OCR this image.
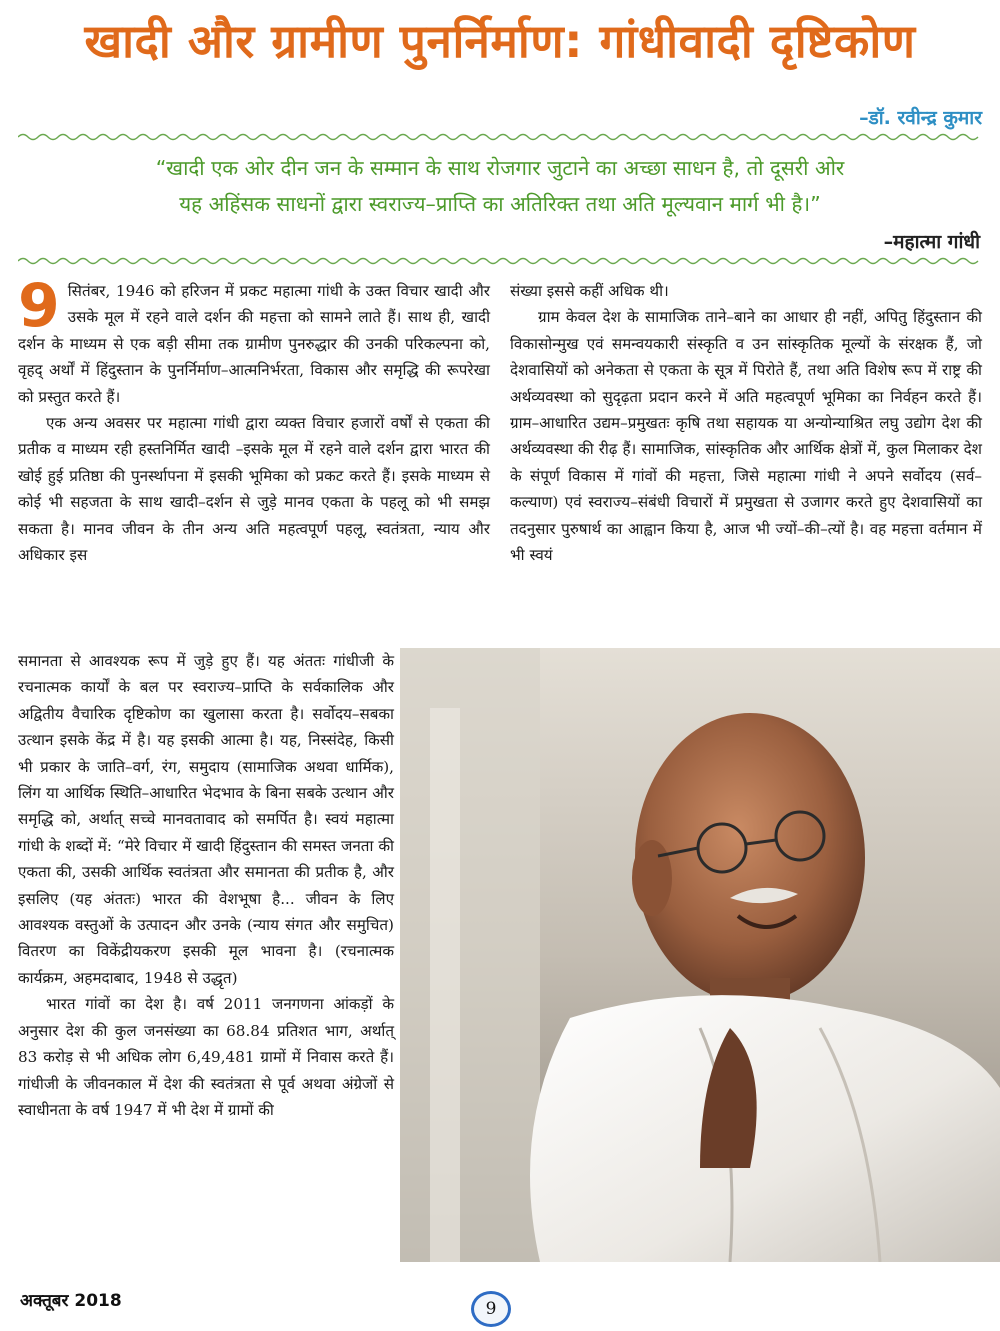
खादी और ग्रामीण पुनर्निर्माण: गांधीवादी दृष्टिकोण
–डॉ. रवीन्द्र कुमार
“खादी एक ओर दीन जन के सम्मान के साथ रोजगार जुटाने का अच्छा साधन है, तो दूसरी ओर
यह अहिंसक साधनों द्वारा स्वराज्य–प्राप्ति का अतिरिक्त तथा अति मूल्यवान मार्ग भी है।”
–महात्मा गांधी

9 सितंबर, 1946 को हरिजन में प्रकट महात्मा गांधी के उक्त विचार खादी और उसके मूल में रहने वाले दर्शन की महत्ता को सामने लाते हैं। साथ ही, खादी दर्शन के माध्यम से एक बड़ी सीमा तक ग्रामीण पुनरुद्धार की उनकी परिकल्पना को, वृहद् अर्थों में हिंदुस्तान के पुनर्निर्माण–आत्मनिर्भरता, विकास और समृद्धि की रूपरेखा को प्रस्तुत करते हैं।

एक अन्य अवसर पर महात्मा गांधी द्वारा व्यक्त विचार हजारों वर्षों से एकता की प्रतीक व माध्यम रही हस्तनिर्मित खादी –इसके मूल में रहने वाले दर्शन द्वारा भारत की खोई हुई प्रतिष्ठा की पुनर्स्थापना में इसकी भूमिका को प्रकट करते हैं। इसके माध्यम से कोई भी सहजता के साथ खादी–दर्शन से जुड़े मानव एकता के पहलू को भी समझ सकता है। मानव जीवन के तीन अन्य अति महत्वपूर्ण पहलू, स्वतंत्रता, न्याय और अधिकार इस

समानता से आवश्यक रूप में जुड़े हुए हैं। यह अंततः गांधीजी के रचनात्मक कार्यों के बल पर स्वराज्य–प्राप्ति के सर्वकालिक और अद्वितीय वैचारिक दृष्टिकोण का खुलासा करता है। सर्वोदय–सबका उत्थान इसके केंद्र में है। यह इसकी आत्मा है। यह, निस्संदेह, किसी भी प्रकार के जाति–वर्ग, रंग, समुदाय (सामाजिक अथवा धार्मिक), लिंग या आर्थिक स्थिति–आधारित भेदभाव के बिना सबके उत्थान और समृद्धि को, अर्थात् सच्चे मानवतावाद को समर्पित है। स्वयं महात्मा गांधी के शब्दों में: “मेरे विचार में खादी हिंदुस्तान की समस्त जनता की एकता की, उसकी आर्थिक स्वतंत्रता और समानता की प्रतीक है, और इसलिए (यह अंततः) भारत की वेशभूषा है... जीवन के लिए आवश्यक वस्तुओं के उत्पादन और उनके (न्याय संगत और समुचित) वितरण का विकेंद्रीयकरण इसकी मूल भावना है। (रचनात्मक कार्यक्रम, अहमदाबाद, 1948 से उद्धृत)

भारत गांवों का देश है। वर्ष 2011 जनगणना आंकड़ों के अनुसार देश की कुल जनसंख्या का 68.84 प्रतिशत भाग, अर्थात् 83 करोड़ से भी अधिक लोग 6,49,481 ग्रामों में निवास करते हैं। गांधीजी के जीवनकाल में देश की स्वतंत्रता से पूर्व अथवा अंग्रेजों से स्वाधीनता के वर्ष 1947 में भी देश में ग्रामों की

संख्या इससे कहीं अधिक थी।

ग्राम केवल देश के सामाजिक ताने–बाने का आधार ही नहीं, अपितु हिंदुस्तान की विकासोन्मुख एवं समन्वयकारी संस्कृति व उन सांस्कृतिक मूल्यों के संरक्षक हैं, जो देशवासियों को अनेकता से एकता के सूत्र में पिरोते हैं, तथा अति विशेष रूप में राष्ट्र की अर्थव्यवस्था को सुदृढ़ता प्रदान करने में अति महत्वपूर्ण भूमिका का निर्वहन करते हैं। ग्राम–आधारित उद्यम–प्रमुखतः कृषि तथा सहायक या अन्योन्याश्रित लघु उद्योग देश की अर्थव्यवस्था की रीढ़ हैं। सामाजिक, सांस्कृतिक और आर्थिक क्षेत्रों में, कुल मिलाकर देश के संपूर्ण विकास में गांवों की महत्ता, जिसे महात्मा गांधी ने अपने सर्वोदय (सर्व–कल्याण) एवं स्वराज्य–संबंधी विचारों में प्रमुखता से उजागर करते हुए देशवासियों का तदनुसार पुरुषार्थ का आह्वान किया है, आज भी ज्यों–की–त्यों है। वह महत्ता वर्तमान में भी स्वयं

अक्तूबर 2018	9
